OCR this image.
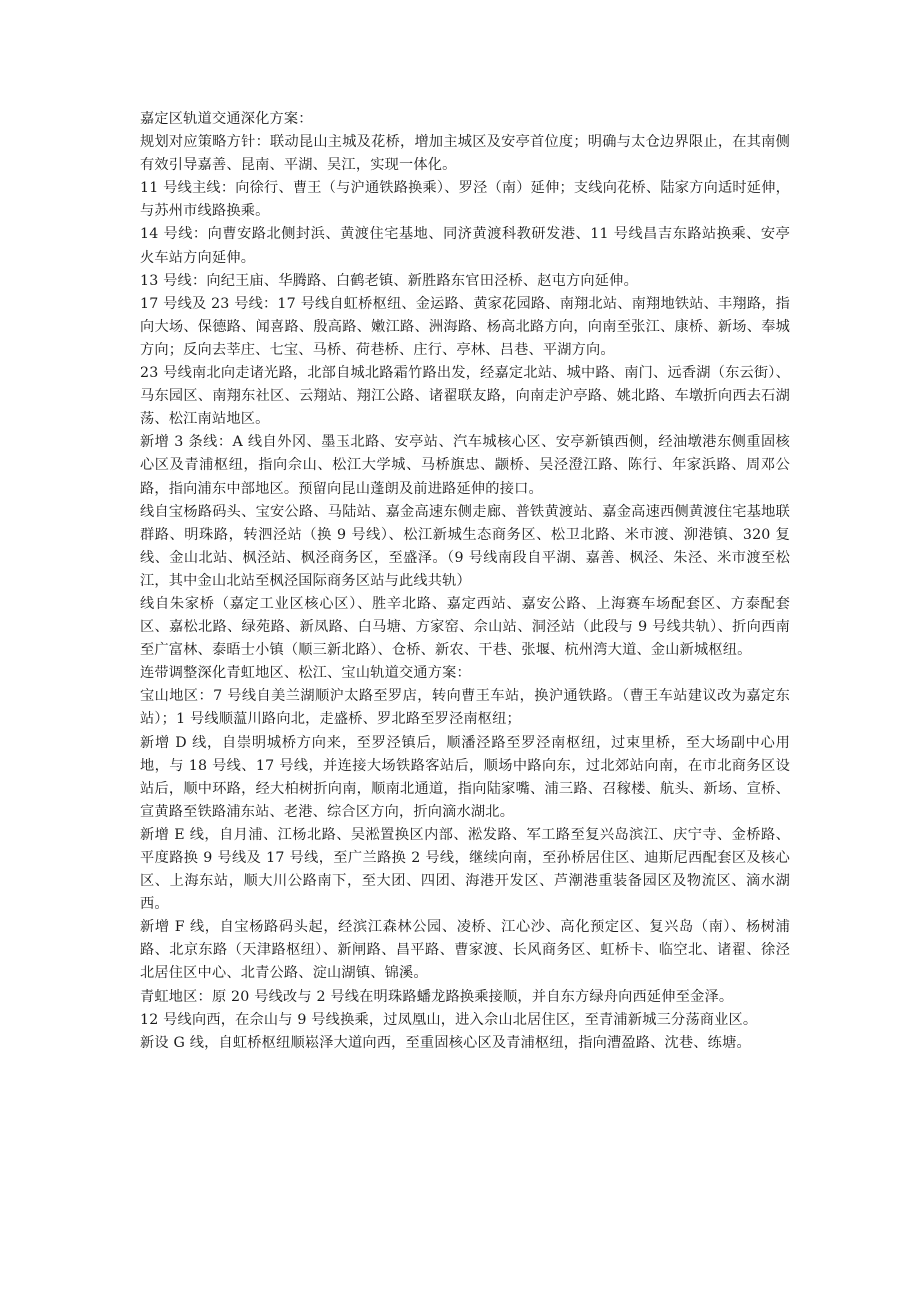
嘉定区轨道交通深化方案：

规划对应策略方针：联动昆山主城及花桥，增加主城区及安亭首位度；明确与太仓边界限止，在其南侧有效引导嘉善、昆南、平湖、吴江，实现一体化。

11 号线主线：向徐行、曹王（与沪通铁路换乘）、罗泾（南）延伸；支线向花桥、陆家方向适时延伸，与苏州市线路换乘。

14 号线：向曹安路北侧封浜、黄渡住宅基地、同济黄渡科教研发港、11 号线昌吉东路站换乘、安亭火车站方向延伸。

13 号线：向纪王庙、华腾路、白鹤老镇、新胜路东官田泾桥、赵屯方向延伸。

17 号线及 23 号线：17 号线自虹桥枢纽、金运路、黄家花园路、南翔北站、南翔地铁站、丰翔路，指向大场、保德路、闻喜路、殷高路、嫩江路、洲海路、杨高北路方向，向南至张江、康桥、新场、奉城方向；反向去莘庄、七宝、马桥、荷巷桥、庄行、亭林、吕巷、平湖方向。

23 号线南北向走诸光路，北部自城北路霜竹路出发，经嘉定北站、城中路、南门、远香湖（东云街）、马东园区、南翔东社区、云翔站、翔江公路、诸翟联友路，向南走沪亭路、姚北路、车墩折向西去石湖荡、松江南站地区。

新增 3 条线：A 线自外冈、墨玉北路、安亭站、汽车城核心区、安亭新镇西侧，经油墩港东侧重固核心区及青浦枢纽，指向佘山、松江大学城、马桥旗忠、颛桥、吴泾澄江路、陈行、年家浜路、周邓公路，指向浦东中部地区。预留向昆山蓬朗及前进路延伸的接口。

线自宝杨路码头、宝安公路、马陆站、嘉金高速东侧走廊、普铁黄渡站、嘉金高速西侧黄渡住宅基地联群路、明珠路，转泗泾站（换 9 号线）、松江新城生态商务区、松卫北路、米市渡、泖港镇、320 复线、金山北站、枫泾站、枫泾商务区，至盛泽。（9 号线南段自平湖、嘉善、枫泾、朱泾、米市渡至松江，其中金山北站至枫泾国际商务区站与此线共轨）

线自朱家桥（嘉定工业区核心区）、胜辛北路、嘉定西站、嘉安公路、上海赛车场配套区、方泰配套区、嘉松北路、绿苑路、新凤路、白马塘、方家窑、佘山站、洞泾站（此段与 9 号线共轨）、折向西南至广富林、泰晤士小镇（顺三新北路）、仓桥、新农、干巷、张堰、杭州湾大道、金山新城枢纽。

连带调整深化青虹地区、松江、宝山轨道交通方案：

宝山地区：7 号线自美兰湖顺沪太路至罗店，转向曹王车站，换沪通铁路。（曹王车站建议改为嘉定东站）；1 号线顺蕰川路向北，走盛桥、罗北路至罗泾南枢纽；

新增 D 线，自崇明城桥方向来，至罗泾镇后，顺潘泾路至罗泾南枢纽，过束里桥，至大场副中心用地，与 18 号线、17 号线，并连接大场铁路客站后，顺场中路向东，过北郊站向南，在市北商务区设站后，顺中环路，经大柏树折向南，顺南北通道，指向陆家嘴、浦三路、召稼楼、航头、新场、宣桥、宣黄路至铁路浦东站、老港、综合区方向，折向滴水湖北。

新增 E 线，自月浦、江杨北路、吴淞置换区内部、淞发路、军工路至复兴岛滨江、庆宁寺、金桥路、平度路换 9 号线及 17 号线，至广兰路换 2 号线，继续向南，至孙桥居住区、迪斯尼西配套区及核心区、上海东站，顺大川公路南下，至大团、四团、海港开发区、芦潮港重装备园区及物流区、滴水湖西。

新增 F 线，自宝杨路码头起，经滨江森林公园、凌桥、江心沙、高化预定区、复兴岛（南）、杨树浦路、北京东路（天津路枢纽）、新闸路、昌平路、曹家渡、长风商务区、虹桥卡、临空北、诸翟、徐泾北居住区中心、北青公路、淀山湖镇、锦溪。

青虹地区：原 20 号线改与 2 号线在明珠路蟠龙路换乘接顺，并自东方绿舟向西延伸至金泽。

12 号线向西，在佘山与 9 号线换乘，过凤凰山，进入佘山北居住区，至青浦新城三分荡商业区。

新设 G 线，自虹桥枢纽顺崧泽大道向西，至重固核心区及青浦枢纽，指向漕盈路、沈巷、练塘。
